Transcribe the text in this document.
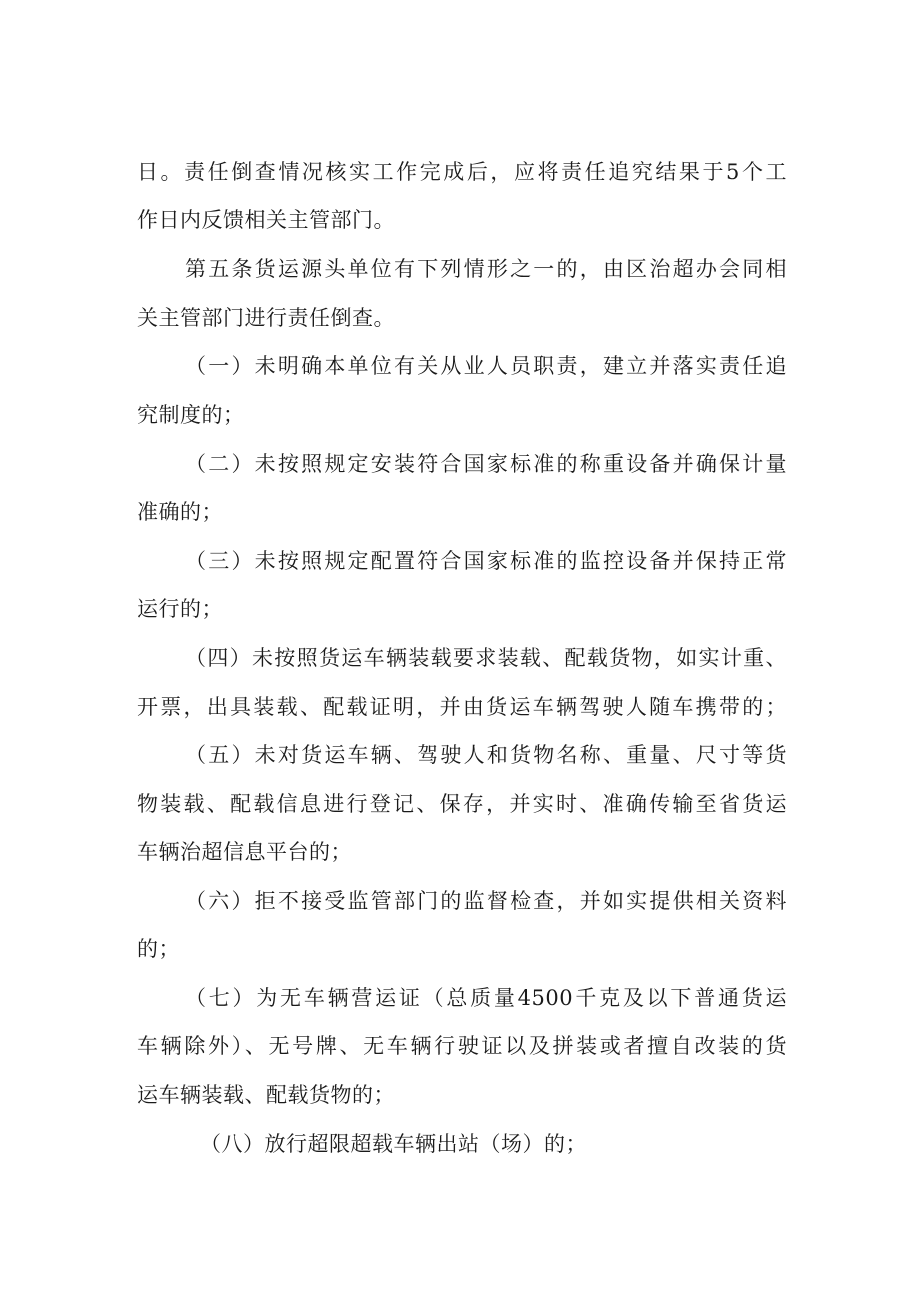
日。责任倒查情况核实工作完成后，应将责任追究结果于5个工
作日内反馈相关主管部门。
第五条货运源头单位有下列情形之一的，由区治超办会同相
关主管部门进行责任倒查。
（一）未明确本单位有关从业人员职责，建立并落实责任追
究制度的；
（二）未按照规定安装符合国家标准的称重设备并确保计量
准确的；
（三）未按照规定配置符合国家标准的监控设备并保持正常
运行的；
（四）未按照货运车辆装载要求装载、配载货物，如实计重、
开票，出具装载、配载证明，并由货运车辆驾驶人随车携带的；
（五）未对货运车辆、驾驶人和货物名称、重量、尺寸等货
物装载、配载信息进行登记、保存，并实时、准确传输至省货运
车辆治超信息平台的；
（六）拒不接受监管部门的监督检查，并如实提供相关资料
的；
（七）为无车辆营运证（总质量4500千克及以下普通货运
车辆除外）、无号牌、无车辆行驶证以及拼装或者擅自改装的货
运车辆装载、配载货物的；
（八）放行超限超载车辆出站（场）的；
